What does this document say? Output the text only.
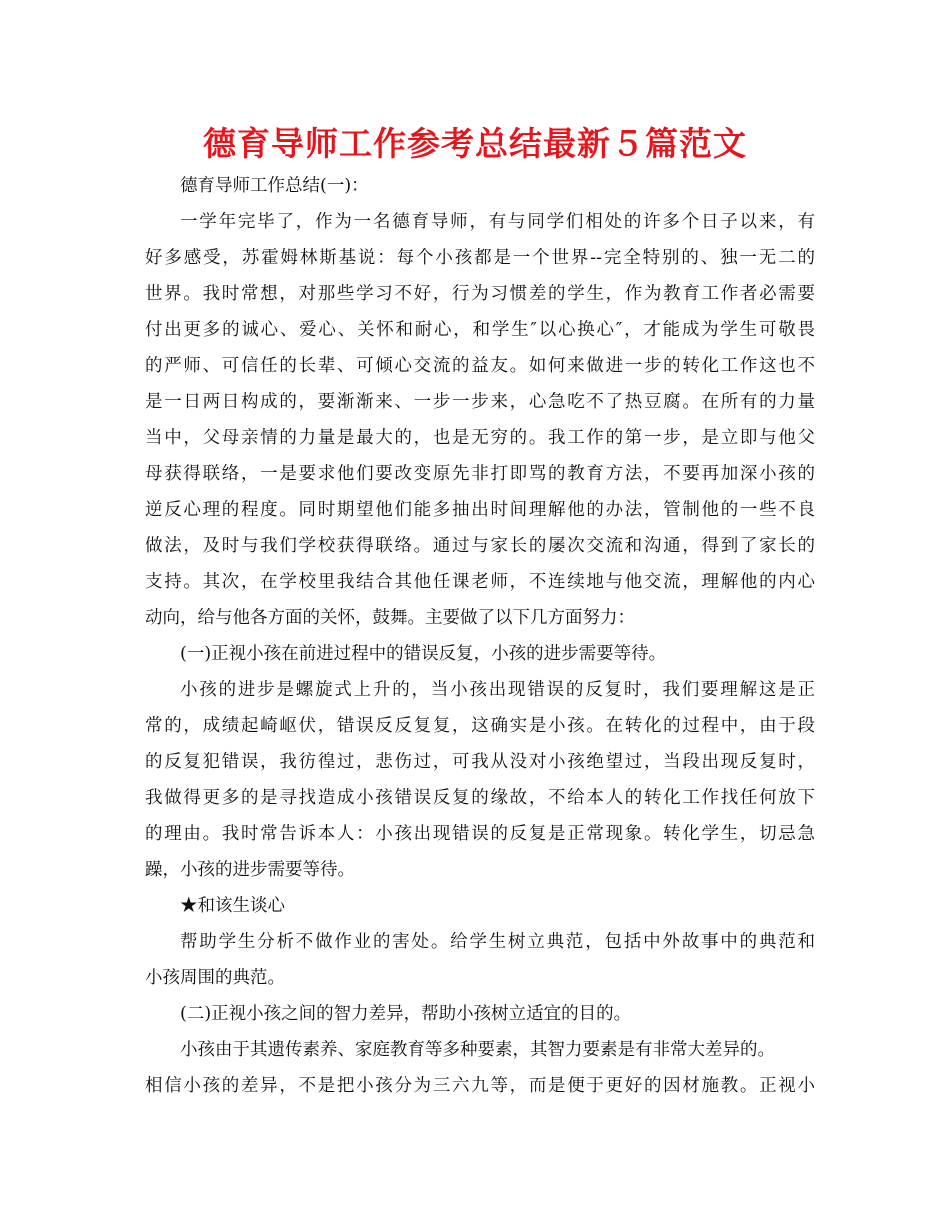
德育导师工作参考总结最新５篇范文
德育导师工作总结(一)：
一学年完毕了，作为一名德育导师，有与同学们相处的许多个日子以来，有
好多感受，苏霍姆林斯基说：每个小孩都是一个世界--完全特别的、独一无二的
世界。我时常想，对那些学习不好，行为习惯差的学生，作为教育工作者必需要
付出更多的诚心、爱心、关怀和耐心，和学生″以心换心″，才能成为学生可敬畏
的严师、可信任的长辈、可倾心交流的益友。如何来做进一步的转化工作这也不
是一日两日构成的，要渐渐来、一步一步来，心急吃不了热豆腐。在所有的力量
当中，父母亲情的力量是最大的，也是无穷的。我工作的第一步，是立即与他父
母获得联络，一是要求他们要改变原先非打即骂的教育方法，不要再加深小孩的
逆反心理的程度。同时期望他们能多抽出时间理解他的办法，管制他的一些不良
做法，及时与我们学校获得联络。通过与家长的屡次交流和沟通，得到了家长的
支持。其次，在学校里我结合其他任课老师，不连续地与他交流，理解他的内心
动向，给与他各方面的关怀，鼓舞。主要做了以下几方面努力：
(一)正视小孩在前进过程中的错误反复，小孩的进步需要等待。
小孩的进步是螺旋式上升的，当小孩出现错误的反复时，我们要理解这是正
常的，成绩起崎岖伏，错误反反复复，这确实是小孩。在转化的过程中，由于段
的反复犯错误，我彷徨过，悲伤过，可我从没对小孩绝望过，当段出现反复时，
我做得更多的是寻找造成小孩错误反复的缘故，不给本人的转化工作找任何放下
的理由。我时常告诉本人：小孩出现错误的反复是正常现象。转化学生，切忌急
躁，小孩的进步需要等待。
★和该生谈心
帮助学生分析不做作业的害处。给学生树立典范，包括中外故事中的典范和
小孩周围的典范。
(二)正视小孩之间的智力差异，帮助小孩树立适宜的目的。
小孩由于其遗传素养、家庭教育等多种要素，其智力要素是有非常大差异的。
相信小孩的差异，不是把小孩分为三六九等，而是便于更好的因材施教。正视小
